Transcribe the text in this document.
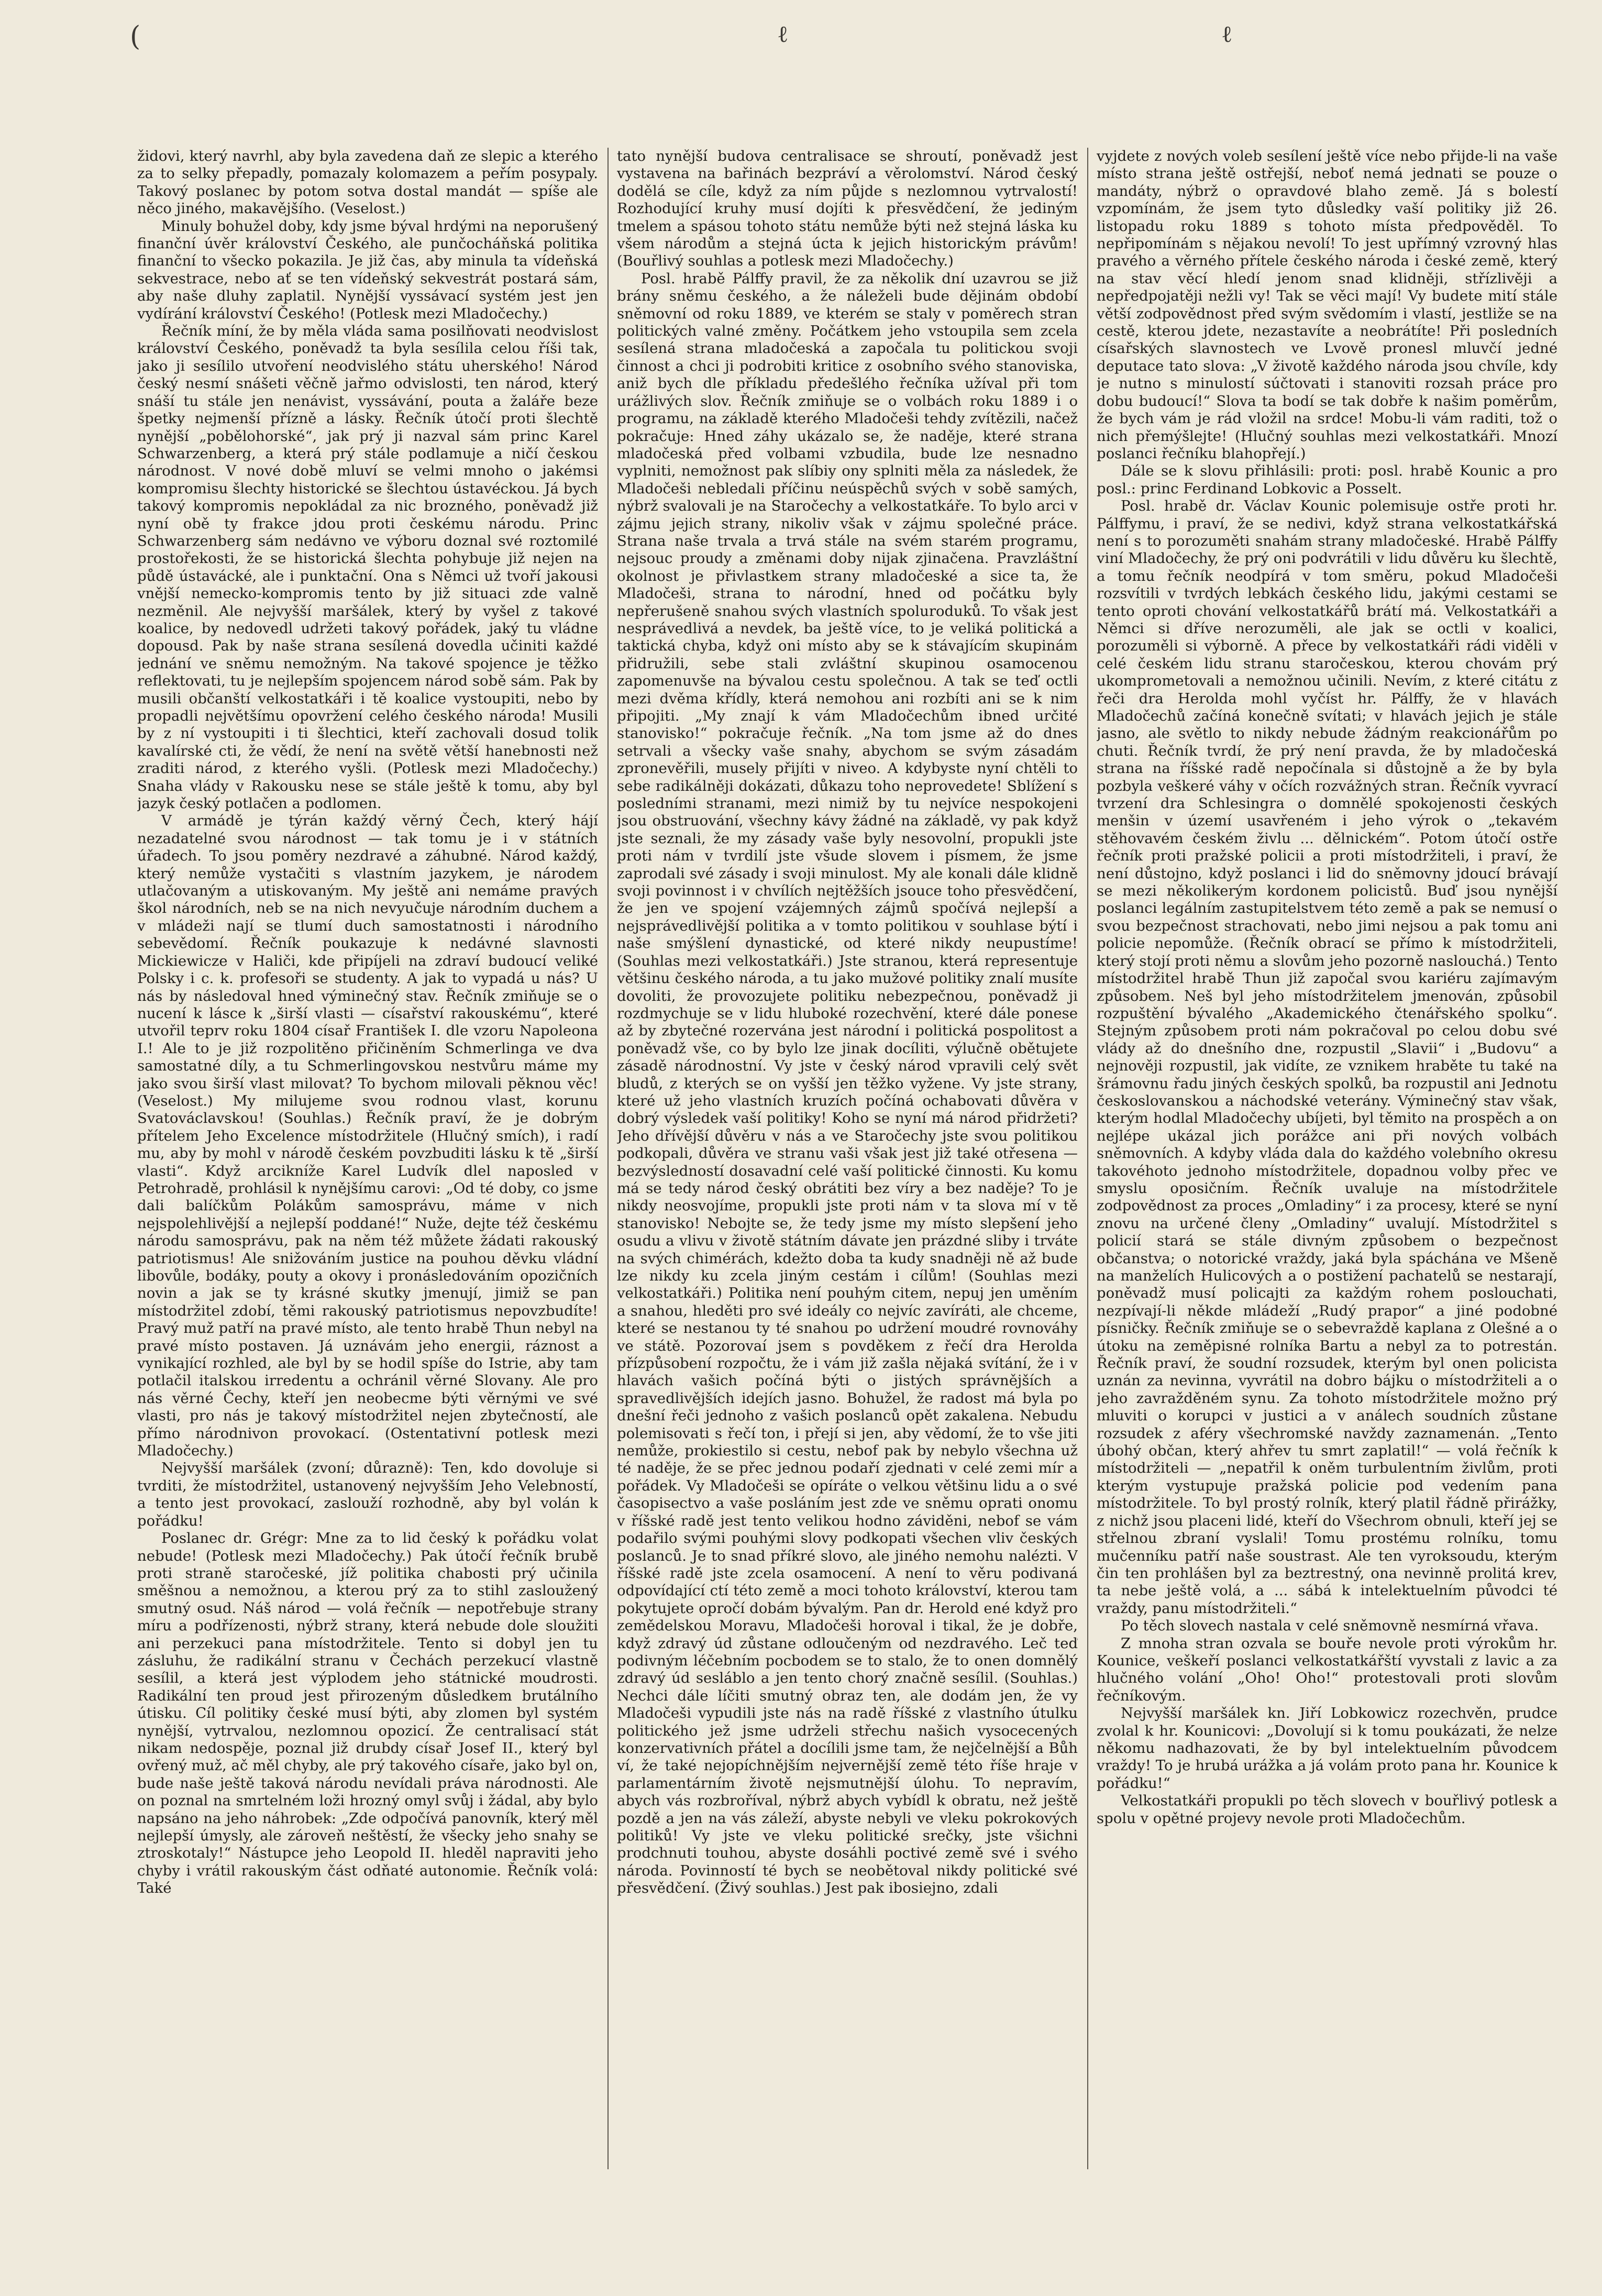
(	ℓ	ℓ

židovi, který navrhl, aby byla zavedena daň ze slepic a kterého za to selky přepadly, pomazaly kolomazem a peřím posypaly. Takový poslanec by potom sotva dostal mandát — spíše ale něco jiného, makavějšího. (Veselost.)

Minuly bohužel doby, kdy jsme býval hrdými na neporušený finanční úvěr království Českého, ale punčocháňská politika finanční to všecko pokazila. Je již čas, aby minula ta vídeňská sekvestrace, nebo ať se ten vídeňský sekvestrát postará sám, aby naše dluhy zaplatil. Nynější vyssávací systém jest jen vydírání království Českého! (Potlesk mezi Mladočechy.)

Řečník míní, že by měla vláda sama posilňovati neodvislost království Českého, poněvadž ta byla sesílila celou říši tak, jako ji sesílilo utvoření neodvislého státu uherského! Národ český nesmí snášeti věčně jařmo odvislosti, ten národ, který snáší tu stále jen nenávist, vyssávání, pouta a žaláře beze špetky nejmenší přízně a lásky. Řečník útočí proti šlechtě nynější „pobělohorské“, jak prý ji nazval sám princ Karel Schwarzenberg, a která prý stále podlamuje a ničí českou národnost. V nové době mluví se velmi mnoho o jakémsi kompromisu šlechty historické se šlechtou ústavéckou. Já bych takový kompromis nepokládal za nic brozného, poněvadž již nyní obě ty frakce jdou proti českému národu. Princ Schwarzenberg sám nedávno ve výboru doznal své roztomilé prostořekosti, že se historická šlechta pohybuje již nejen na půdě ústavácké, ale i punktační. Ona s Němci už tvoří jakousi vnější nemecko-kompromis tento by již situaci zde valně nezměnil. Ale nejvyšší maršálek, který by vyšel z takové koalice, by nedovedl udržeti takový pořádek, jaký tu vládne dopousd. Pak by naše strana sesílená dovedla učiniti každé jednání ve sněmu nemožným. Na takové spojence je těžko reflektovati, tu je nejlepším spojencem národ sobě sám. Pak by musili občanští velkostatkáři i tě koalice vystoupiti, nebo by propadli největšímu opovržení celého českého národa! Musili by z ní vystoupiti i ti šlechtici, kteří zachovali dosud tolik kavalírské cti, že vědí, že není na světě větší hanebnosti než zraditi národ, z kterého vyšli. (Potlesk mezi Mladočechy.) Snaha vlády v Rakousku nese se stále ještě k tomu, aby byl jazyk český potlačen a podlomen.

V armádě je týrán každý věrný Čech, který hájí nezadatelné svou národnost — tak tomu je i v státních úřadech. To jsou poměry nezdravé a záhubné. Národ každý, který nemůže vystačiti s vlastním jazykem, je národem utlačovaným a utiskovaným. My ještě ani nemáme pravých škol národních, neb se na nich nevyučuje národním duchem a v mládeži nají se tlumí duch samostatnosti i národního sebevědomí. Řečník poukazuje k nedávné slavnosti Mickiewicze v Haliči, kde připíjeli na zdraví budoucí veliké Polsky i c. k. profesoři se studenty. A jak to vypadá u nás? U nás by následoval hned výminečný stav. Řečník zmiňuje se o nucení k lásce k „širší vlasti — císařství rakouskému“, které utvořil teprv roku 1804 císař František I. dle vzoru Napoleona I.! Ale to je již rozpolitěno přičiněním Schmerlinga ve dva samostatné díly, a tu Schmerlingovskou nestvůru máme my jako svou širší vlast milovat? To bychom milovali pěknou věc! (Veselost.) My milujeme svou rodnou vlast, korunu Svatováclavskou! (Souhlas.) Řečník praví, že je dobrým přítelem Jeho Excelence místodržitele (Hlučný smích), i radí mu, aby by mohl v národě českém povzbuditi lásku k tě „širší vlasti“. Když arcikníže Karel Ludvík dlel naposled v Petrohradě, prohlásil k nynějšímu carovi: „Od té doby, co jsme dali balíčkům Polákům samosprávu, máme v nich nejspolehlivější a nejlepší poddané!“ Nuže, dejte též českému národu samosprávu, pak na něm též můžete žádati rakouský patriotismus! Ale snižováním justice na pouhou děvku vládní libovůle, bodáky, pouty a okovy i pronásledováním opozičních novin a jak se ty krásné skutky jmenují, jimiž se pan místodržitel zdobí, těmi rakouský patriotismus nepovzbudíte! Pravý muž patří na pravé místo, ale tento hrabě Thun nebyl na pravé místo postaven. Já uznávám jeho energii, ráznost a vynikající rozhled, ale byl by se hodil spíše do Istrie, aby tam potlačil italskou irredentu a ochránil věrné Slovany. Ale pro nás věrné Čechy, kteří jen neobecme býti věrnými ve své vlasti, pro nás je takový místodržitel nejen zbytečností, ale přímo národnivon provokací. (Ostentativní potlesk mezi Mladočechy.)

Nejvyšší maršálek (zvoní; důrazně): Ten, kdo dovoluje si tvrditi, že místodržitel, ustanovený nejvyšším Jeho Velebností, a tento jest provokací, zaslouží rozhodně, aby byl volán k pořádku!

Poslanec dr. Grégr: Mne za to lid český k pořádku volat nebude! (Potlesk mezi Mladočechy.) Pak útočí řečník brubě proti straně staročeské, jíž politika chabosti prý učinila směšnou a nemožnou, a kterou prý za to stihl zasloužený smutný osud. Náš národ — volá řečník — nepotřebuje strany míru a podřízenosti, nýbrž strany, která nebude dole sloužiti ani perzekuci pana místodržitele. Tento si dobyl jen tu zásluhu, že radikální stranu v Čechách perzekucí vlastně sesílil, a která jest výplodem jeho státnické moudrosti. Radikální ten proud jest přirozeným důsledkem brutálního útisku. Cíl politiky české musí býti, aby zlomen byl systém nynější, vytrvalou, nezlomnou opozicí. Že centralisací stát nikam nedospěje, poznal již drubdy císař Josef II., který byl ovřený muž, ač měl chyby, ale prý takového císaře, jako byl on, bude naše ještě taková národu nevídali práva národnosti. Ale on poznal na smrtelném loži hrozný omyl svůj i žádal, aby bylo napsáno na jeho náhrobek: „Zde odpočívá panovník, který měl nejlepší úmysly, ale zároveň neštěstí, že všecky jeho snahy se ztroskotaly!“ Nástupce jeho Leopold II. hleděl napraviti jeho chyby i vrátil rakouským část odňaté autonomie. Řečník volá: Také

tato nynější budova centralisace se shroutí, poněvadž jest vystavena na bařinách bezpráví a věrolomství. Národ český dodělá se cíle, když za ním půjde s nezlomnou vytrvalostí! Rozhodující kruhy musí dojíti k přesvědčení, že jediným tmelem a spásou tohoto státu nemůže býti než stejná láska ku všem národům a stejná úcta k jejich historickým právům! (Bouřlivý souhlas a potlesk mezi Mladočechy.)

Posl. hrabě Pálffy pravil, že za několik dní uzavrou se již brány sněmu českého, a že náleželi bude dějinám období sněmovní od roku 1889, ve kterém se staly v poměrech stran politických valné změny. Počátkem jeho vstoupila sem zcela sesílená strana mladočeská a započala tu politickou svoji činnost a chci ji podrobiti kritice z osobního svého stanoviska, aniž bych dle příkladu předešlého řečníka užíval při tom urážlivých slov. Řečník zmiňuje se o volbách roku 1889 i o programu, na základě kterého Mladočeši tehdy zvítězili, načež pokračuje: Hned záhy ukázalo se, že naděje, které strana mladočeská před volbami vzbudila, bude lze nesnadno vyplniti, nemožnost pak slíbiy ony splniti měla za následek, že Mladočeši nebledali příčinu neúspěchů svých v sobě samých, nýbrž svalovali je na Staročechy a velkostatkáře. To bylo arci v zájmu jejich strany, nikoliv však v zájmu společné práce. Strana naše trvala a trvá stále na svém starém programu, nejsouc proudy a změnami doby nijak zjinačena. Pravzláštní okolnost je přivlastkem strany mladočeské a sice ta, že Mladočeši, strana to národní, hned od počátku byly nepřerušeně snahou svých vlastních spoluroduků. To však jest nesprávedlivá a nevdek, ba ještě více, to je veliká politická a taktická chyba, když oni místo aby se k stávajícím skupinám přidružili, sebe stali zvláštní skupinou osamocenou zapomenuvše na bývalou cestu společnou. A tak se teď octli mezi dvěma křídly, která nemohou ani rozbíti ani se k nim připojiti. „My znají k vám Mladočechům ibned určité stanovisko!“ pokračuje řečník. „Na tom jsme až do dnes setrvali a všecky vaše snahy, abychom se svým zásadám zpronevěřili, musely přijíti v niveo. A kdybyste nyní chtěli to sebe radikálněji dokázati, důkazu toho neprovedete! Sblížení s posledními stranami, mezi nimiž by tu nejvíce nespokojeni jsou obstruování, všechny kávy žádné na základě, vy pak když jste seznali, že my zásady vaše byly nesovolní, propukli jste proti nám v tvrdilí jste všude slovem i písmem, že jsme zaprodali své zásady i svoji minulost. My ale konali dále klidně svoji povinnost i v chvílích nejtěžších jsouce toho přesvědčení, že jen ve spojení vzájemných zájmů spočívá nejlepší a nejsprávedlivější politika a v tomto politikou v souhlase býtí i naše smýšlení dynastické, od které nikdy neupustíme! (Souhlas mezi velkostatkáři.) Jste stranou, která representuje většinu českého národa, a tu jako mužové politiky znalí musíte dovoliti, že provozujete politiku nebezpečnou, poněvadž ji rozdmychuje se v lidu hluboké rozechvění, které dále ponese až by zbytečné rozervána jest národní i politická pospolitost a poněvadž vše, co by bylo lze jinak docíliti, výlučně obětujete zásadě národnostní. Vy jste v český národ vpravili celý svět bludů, z kterých se on vyšší jen těžko vyžene. Vy jste strany, které už jeho vlastních kruzích počíná ochabovati důvěra v dobrý výsledek vaší politiky! Koho se nyní má národ přidržeti? Jeho dřívější důvěru v nás a ve Staročechy jste svou politikou podkopali, důvěra ve stranu vaši však jest již také otřesena — bezvýsledností dosavadní celé vaší politické činnosti. Ku komu má se tedy národ český obrátiti bez víry a bez naděje? To je nikdy neosvojíme, propukli jste proti nám v ta slova mí v tě stanovisko! Nebojte se, že tedy jsme my místo slepšení jeho osudu a vlivu v životě státním dávate jen prázdné sliby i trváte na svých chimérách, kdežto doba ta kudy snadněji ně až bude lze nikdy ku zcela jiným cestám i cílům! (Souhlas mezi velkostatkáři.) Politika není pouhým citem, nepuj jen uměním a snahou, hleděti pro své ideály co nejvíc zavíráti, ale chceme, které se nestanou ty té snahou po udržení moudré rovnováhy ve státě. Pozorovaí jsem s povděkem z řečí dra Herolda přízpůsobení rozpočtu, že i vám již zašla nějaká svítání, že i v hlavách vašich počíná býti o jistých správnějších a spravedlivějších idejích jasno. Bohužel, že radost má byla po dnešní řeči jednoho z vašich poslanců opět zakalena. Nebudu polemisovati s řečí ton, i přejí si jen, aby vědomí, že to vše jiti nemůže, prokiestilo si cestu, nebof pak by nebylo všechna už té naděje, že se přec jednou podaří zjednati v celé zemi mír a pořádek. Vy Mladočeši se opíráte o velkou většinu lidu a o své časopisectvo a vaše posláním jest zde ve sněmu oprati onomu v říšské radě jest tento velikou hodno záviděni, nebof se vám podařilo svými pouhými slovy podkopati všechen vliv českých poslanců. Je to snad příkré slovo, ale jiného nemohu nalézti. V říšské radě jste zcela osamocení. A není to věru podivaná odpovídající ctí této země a moci tohoto království, kterou tam pokytujete opročí dobám bývalým. Pan dr. Herold ené když pro zemědelskou Moravu, Mladočeši horoval i tikal, že je dobře, když zdravý úd zůstane odloučeným od nezdravého. Leč teď podivným léčebním pocbodem se to stalo, že to onen domnělý zdravý úd sesláblo a jen tento chorý značně sesílil. (Souhlas.) Nechci dále líčiti smutný obraz ten, ale dodám jen, že vy Mladočeši vypudili jste nás na radě říšské z vlastního útulku politického jež jsme udrželi střechu našich vysocecených konzervativních přátel a docílili jsme tam, že nejčelnější a Bůh ví, že také nejopíchnějším nejvernější země této říše hraje v parlamentárním životě nejsmutnější úlohu. To nepravím, abych vás rozbroříval, nýbrž abych vybídl k obratu, než ještě pozdě a jen na vás záleží, abyste nebyli ve vleku pokrokových politiků! Vy jste ve vleku politické srečky, jste všichni prodchnuti touhou, abyste dosáhli poctivé země své i svého národa. Povinností té bych se neobětoval nikdy politické své přesvědčení. (Živý souhlas.) Jest pak ibosiejno, zdali

vyjdete z nových voleb sesílení ještě více nebo přijde-li na vaše místo strana ještě ostřejší, neboť nemá jednati se pouze o mandáty, nýbrž o opravdové blaho země. Já s bolestí vzpomínám, že jsem tyto důsledky vaší politiky již 26. listopadu roku 1889 s tohoto místa předpověděl. To nepřipomínám s nějakou nevolí! To jest upřímný vzrovný hlas pravého a věrného přítele českého národa i české země, který na stav věcí hledí jenom snad klidněji, střízlivěji a nepředpojatěji nežli vy! Tak se věci mají! Vy budete mití stále větší zodpovědnost před svým svědomím i vlastí, jestliže se na cestě, kterou jdete, nezastavíte a neobrátíte! Při posledních císařských slavnostech ve Lvově pronesl mluvčí jedné deputace tato slova: „V životě každého národa jsou chvíle, kdy je nutno s minulostí súčtovati i stanoviti rozsah práce pro dobu budoucí!“ Slova ta bodí se tak dobře k našim poměrům, že bych vám je rád vložil na srdce! Mobu-li vám raditi, tož o nich přemýšlejte! (Hlučný souhlas mezi velkostatkáři. Mnozí poslanci řečníku blahopřejí.)

Dále se k slovu přihlásili: proti: posl. hrabě Kounic a pro posl.: princ Ferdinand Lobkovic a Posselt.

Posl. hrabě dr. Václav Kounic polemisuje ostře proti hr. Pálffymu, i praví, že se nedivi, když strana velkostatkářská není s to porozuměti snahám strany mladočeské. Hrabě Pálffy viní Mladočechy, že prý oni podvrátili v lidu důvěru ku šlechtě, a tomu řečník neodpírá v tom směru, pokud Mladočeši rozsvítili v tvrdých lebkách českého lidu, jakými cestami se tento oproti chování velkostatkářů brátí má. Velkostatkáři a Němci si dříve nerozuměli, ale jak se octli v koalici, porozuměli si výborně. A přece by velkostatkáři rádi viděli v celé českém lidu stranu staročeskou, kterou chovám prý ukomprometovali a nemožnou učinili. Nevím, z které citátu z řeči dra Herolda mohl vyčíst hr. Pálffy, že v hlavách Mladočechů začíná konečně svítati; v hlavách jejich je stále jasno, ale světlo to nikdy nebude žádným reakcionářům po chuti. Řečník tvrdí, že prý není pravda, že by mladočeská strana na říšské radě nepočínala si důstojně a že by byla pozbyla veškeré váhy v očích rozvážných stran. Řečník vyvrací tvrzení dra Schlesingra o domnělé spokojenosti českých menšin v území usavřeném i jeho výrok o „tekavém stěhovavém českém živlu ... dělnickém“. Potom útočí ostře řečník proti pražské policii a proti místodržiteli, i praví, že není důstojno, když poslanci i lid do sněmovny jdoucí brávají se mezi několikerým kordonem policistů. Buď jsou nynější poslanci legálním zastupitelstvem této země a pak se nemusí o svou bezpečnost strachovati, nebo jimi nejsou a pak tomu ani policie nepomůže. (Řečník obrací se přímo k místodržiteli, který stojí proti němu a slovům jeho pozorně naslouchá.) Tento místodržitel hrabě Thun již započal svou kariéru zajímavým způsobem. Neš byl jeho místodržitelem jmenován, způsobil rozpuštění bývalého „Akademického čtenářského spolku“. Stejným způsobem proti nám pokračoval po celou dobu své vlády až do dnešního dne, rozpustil „Slavii“ i „Budovu“ a nejnověji rozpustil, jak vidíte, ze vznikem hraběte tu také na šrámovnu řadu jiných českých spolků, ba rozpustil ani Jednotu českoslovanskou a náchodské veterány. Výminečný stav však, kterým hodlal Mladočechy ubíjeti, byl těmito na prospěch a on nejlépe ukázal jich porážce ani při nových volbách sněmovních. A kdyby vláda dala do každého volebního okresu takovéhoto jednoho místodržitele, dopadnou volby přec ve smyslu oposičním. Řečník uvaluje na místodržitele zodpovědnost za proces „Omladiny“ i za procesy, které se nyní znovu na určené členy „Omladiny“ uvalují. Místodržitel s policií stará se stále divným způsobem o bezpečnost občanstva; o notorické vraždy, jaká byla spáchána ve Mšeně na manželích Hulicových a o postižení pachatelů se nestarají, poněvadž musí policajti za každým rohem poslouchati, nezpívají-li někde mládeží „Rudý prapor“ a jiné podobné písničky. Řečník zmiňuje se o sebevraždě kaplana z Olešné a o útoku na zeměpisné rolníka Bartu a nebyl za to potrestán. Řečník praví, že soudní rozsudek, kterým byl onen policista uznán za nevinna, vyvrátil na dobro bájku o místodržiteli a o jeho zavražděném synu. Za tohoto místodržitele možno prý mluviti o korupci v justici a v análech soudních zůstane rozsudek z aféry všechromské navždy zaznamenán. „Tento úbohý občan, který ahřev tu smrt zaplatil!“ — volá řečník k místodržiteli — „nepatřil k oněm turbulentním živlům, proti kterým vystupuje pražská policie pod vedením pana místodržitele. To byl prostý rolník, který platil řádně přirážky, z nichž jsou placeni lidé, kteří do Všechrom obnuli, kteří jej se střelnou zbraní vyslali! Tomu prostému rolníku, tomu mučenníku patří naše soustrast. Ale ten vyroksoudu, kterým čin ten prohlášen byl za beztrestný, ona nevinně prolitá krev, ta nebe ještě volá, a ... sábá k intelektuelním původci té vraždy, panu místodržiteli.“

Po těch slovech nastala v celé sněmovně nesmírná vřava.

Z mnoha stran ozvala se bouře nevole proti výrokům hr. Kounice, veškeří poslanci velkostatkářští vyvstali z lavic a za hlučného volání „Oho! Oho!“ protestovali proti slovům řečníkovým.

Nejvyšší maršálek kn. Jiří Lobkowicz rozechvěn, prudce zvolal k hr. Kounicovi: „Dovolují si k tomu poukázati, že nelze někomu nadhazovati, že by byl intelektuelním původcem vraždy! To je hrubá urážka a já volám proto pana hr. Kounice k pořádku!“

Velkostatkáři propukli po těch slovech v bouřlivý potlesk a spolu v opětné projevy nevole proti Mladočechům.
